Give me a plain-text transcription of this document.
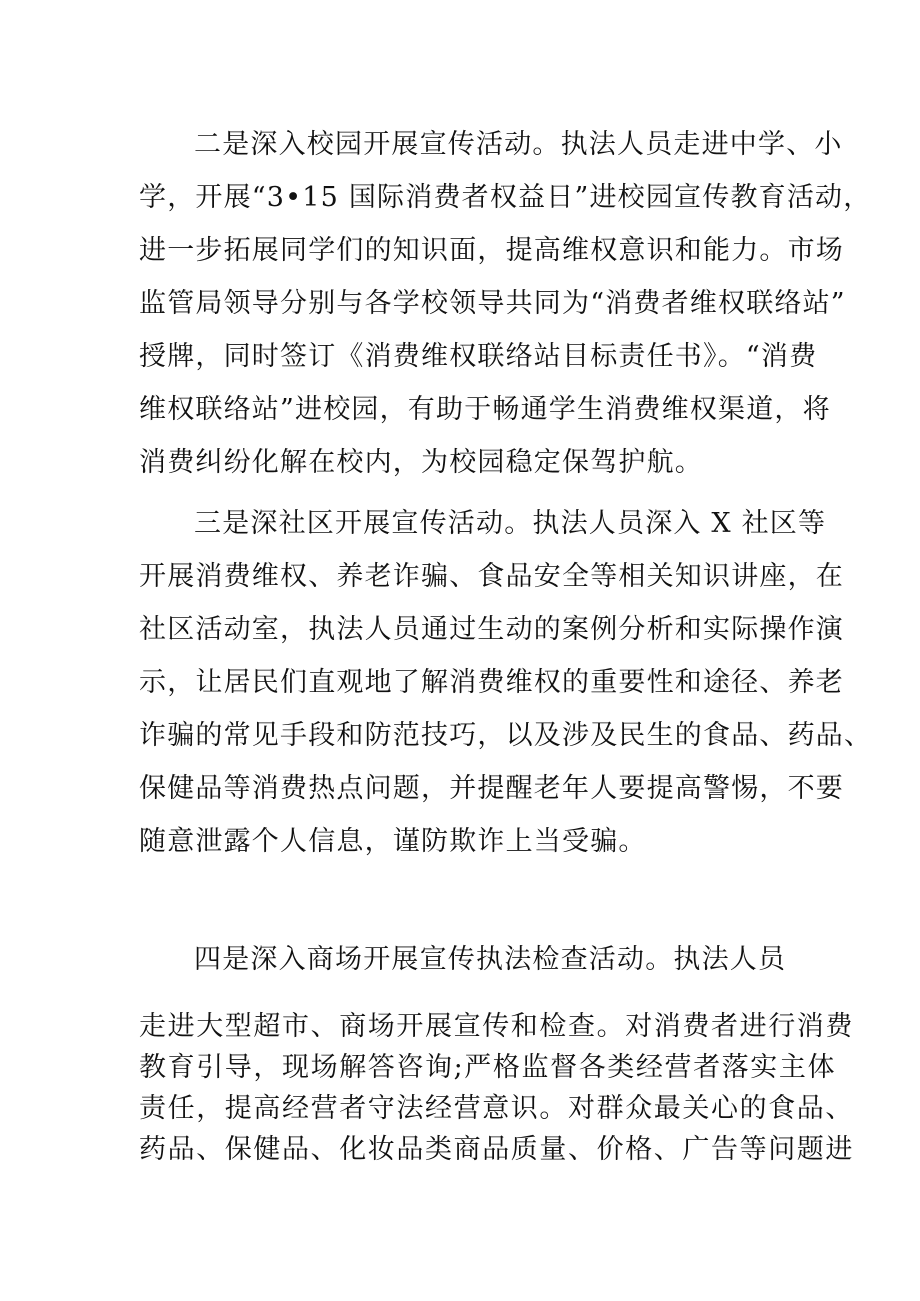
二是深入校园开展宣传活动。执法人员走进中学、小
学，开展“3•15 国际消费者权益日”进校园宣传教育活动，
进一步拓展同学们的知识面，提高维权意识和能力。市场
监管局领导分别与各学校领导共同为“消费者维权联络站”
授牌，同时签订《消费维权联络站目标责任书》。“消费
维权联络站”进校园，有助于畅通学生消费维权渠道，将
消费纠纷化解在校内，为校园稳定保驾护航。
三是深社区开展宣传活动。执法人员深入 X 社区等
开展消费维权、养老诈骗、食品安全等相关知识讲座，在
社区活动室，执法人员通过生动的案例分析和实际操作演
示，让居民们直观地了解消费维权的重要性和途径、养老
诈骗的常见手段和防范技巧，以及涉及民生的食品、药品、
保健品等消费热点问题，并提醒老年人要提高警惕，不要
随意泄露个人信息，谨防欺诈上当受骗。
四是深入商场开展宣传执法检查活动。执法人员
走进大型超市、商场开展宣传和检查。对消费者进行消费
教育引导，现场解答咨询;严格监督各类经营者落实主体
责任，提高经营者守法经营意识。对群众最关心的食品、
药品、保健品、化妆品类商品质量、价格、广告等问题进
